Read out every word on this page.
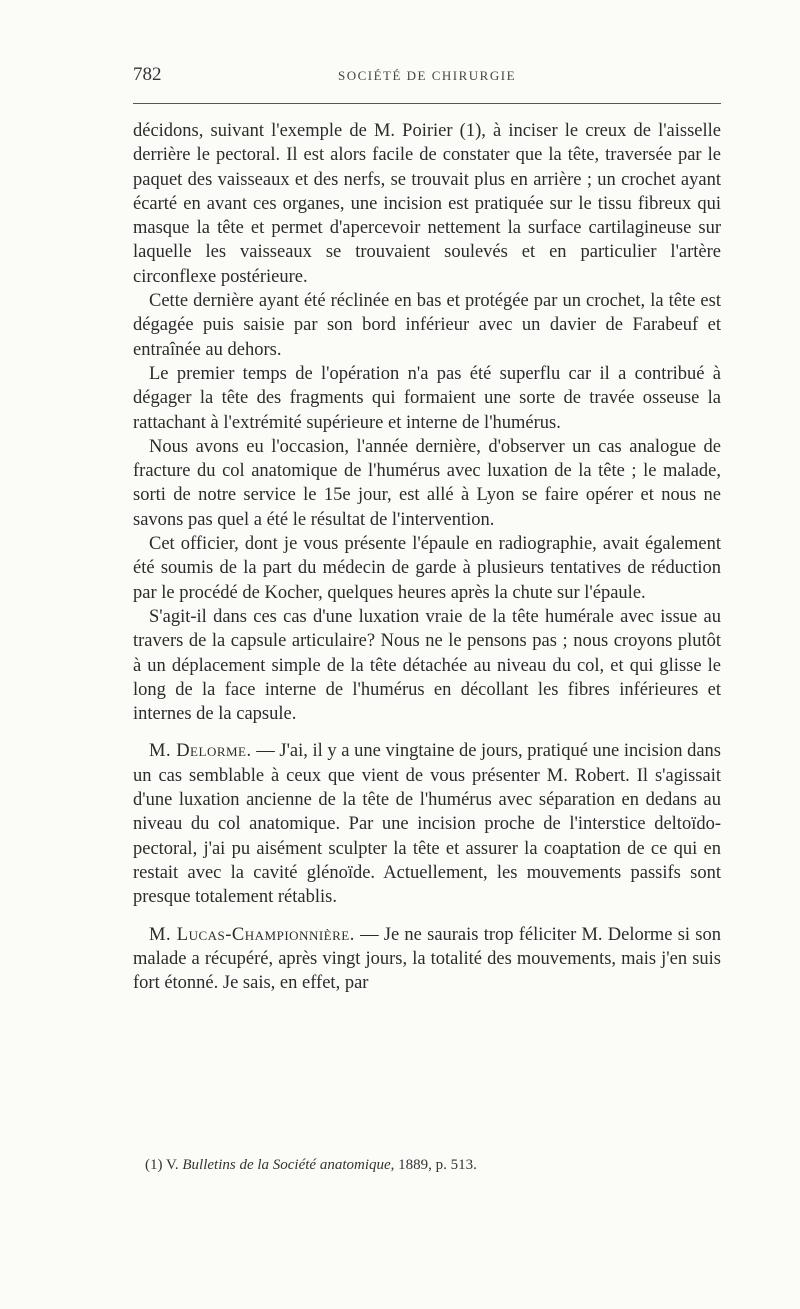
782	SOCIÉTÉ DE CHIRURGIE

décidons, suivant l'exemple de M. Poirier (1), à inciser le creux de l'aisselle derrière le pectoral. Il est alors facile de constater que la tête, traversée par le paquet des vaisseaux et des nerfs, se trouvait plus en arrière ; un crochet ayant écarté en avant ces organes, une incision est pratiquée sur le tissu fibreux qui masque la tête et permet d'apercevoir nettement la surface cartilagineuse sur laquelle les vaisseaux se trouvaient soulevés et en particulier l'artère circonflexe postérieure.

Cette dernière ayant été réclinée en bas et protégée par un crochet, la tête est dégagée puis saisie par son bord inférieur avec un davier de Farabeuf et entraînée au dehors.

Le premier temps de l'opération n'a pas été superflu car il a contribué à dégager la tête des fragments qui formaient une sorte de travée osseuse la rattachant à l'extrémité supérieure et interne de l'humérus.

Nous avons eu l'occasion, l'année dernière, d'observer un cas analogue de fracture du col anatomique de l'humérus avec luxation de la tête ; le malade, sorti de notre service le 15e jour, est allé à Lyon se faire opérer et nous ne savons pas quel a été le résultat de l'intervention.

Cet officier, dont je vous présente l'épaule en radiographie, avait également été soumis de la part du médecin de garde à plusieurs tentatives de réduction par le procédé de Kocher, quelques heures après la chute sur l'épaule.

S'agit-il dans ces cas d'une luxation vraie de la tête humérale avec issue au travers de la capsule articulaire? Nous ne le pensons pas ; nous croyons plutôt à un déplacement simple de la tête détachée au niveau du col, et qui glisse le long de la face interne de l'humérus en décollant les fibres inférieures et internes de la capsule.

M. Delorme. — J'ai, il y a une vingtaine de jours, pratiqué une incision dans un cas semblable à ceux que vient de vous présenter M. Robert. Il s'agissait d'une luxation ancienne de la tête de l'humérus avec séparation en dedans au niveau du col anatomique. Par une incision proche de l'interstice deltoïdo-pectoral, j'ai pu aisément sculpter la tête et assurer la coaptation de ce qui en restait avec la cavité glénoïde. Actuellement, les mouvements passifs sont presque totalement rétablis.

M. Lucas-Championnière. — Je ne saurais trop féliciter M. Delorme si son malade a récupéré, après vingt jours, la totalité des mouvements, mais j'en suis fort étonné. Je sais, en effet, par

(1) V. Bulletins de la Société anatomique, 1889, p. 513.
